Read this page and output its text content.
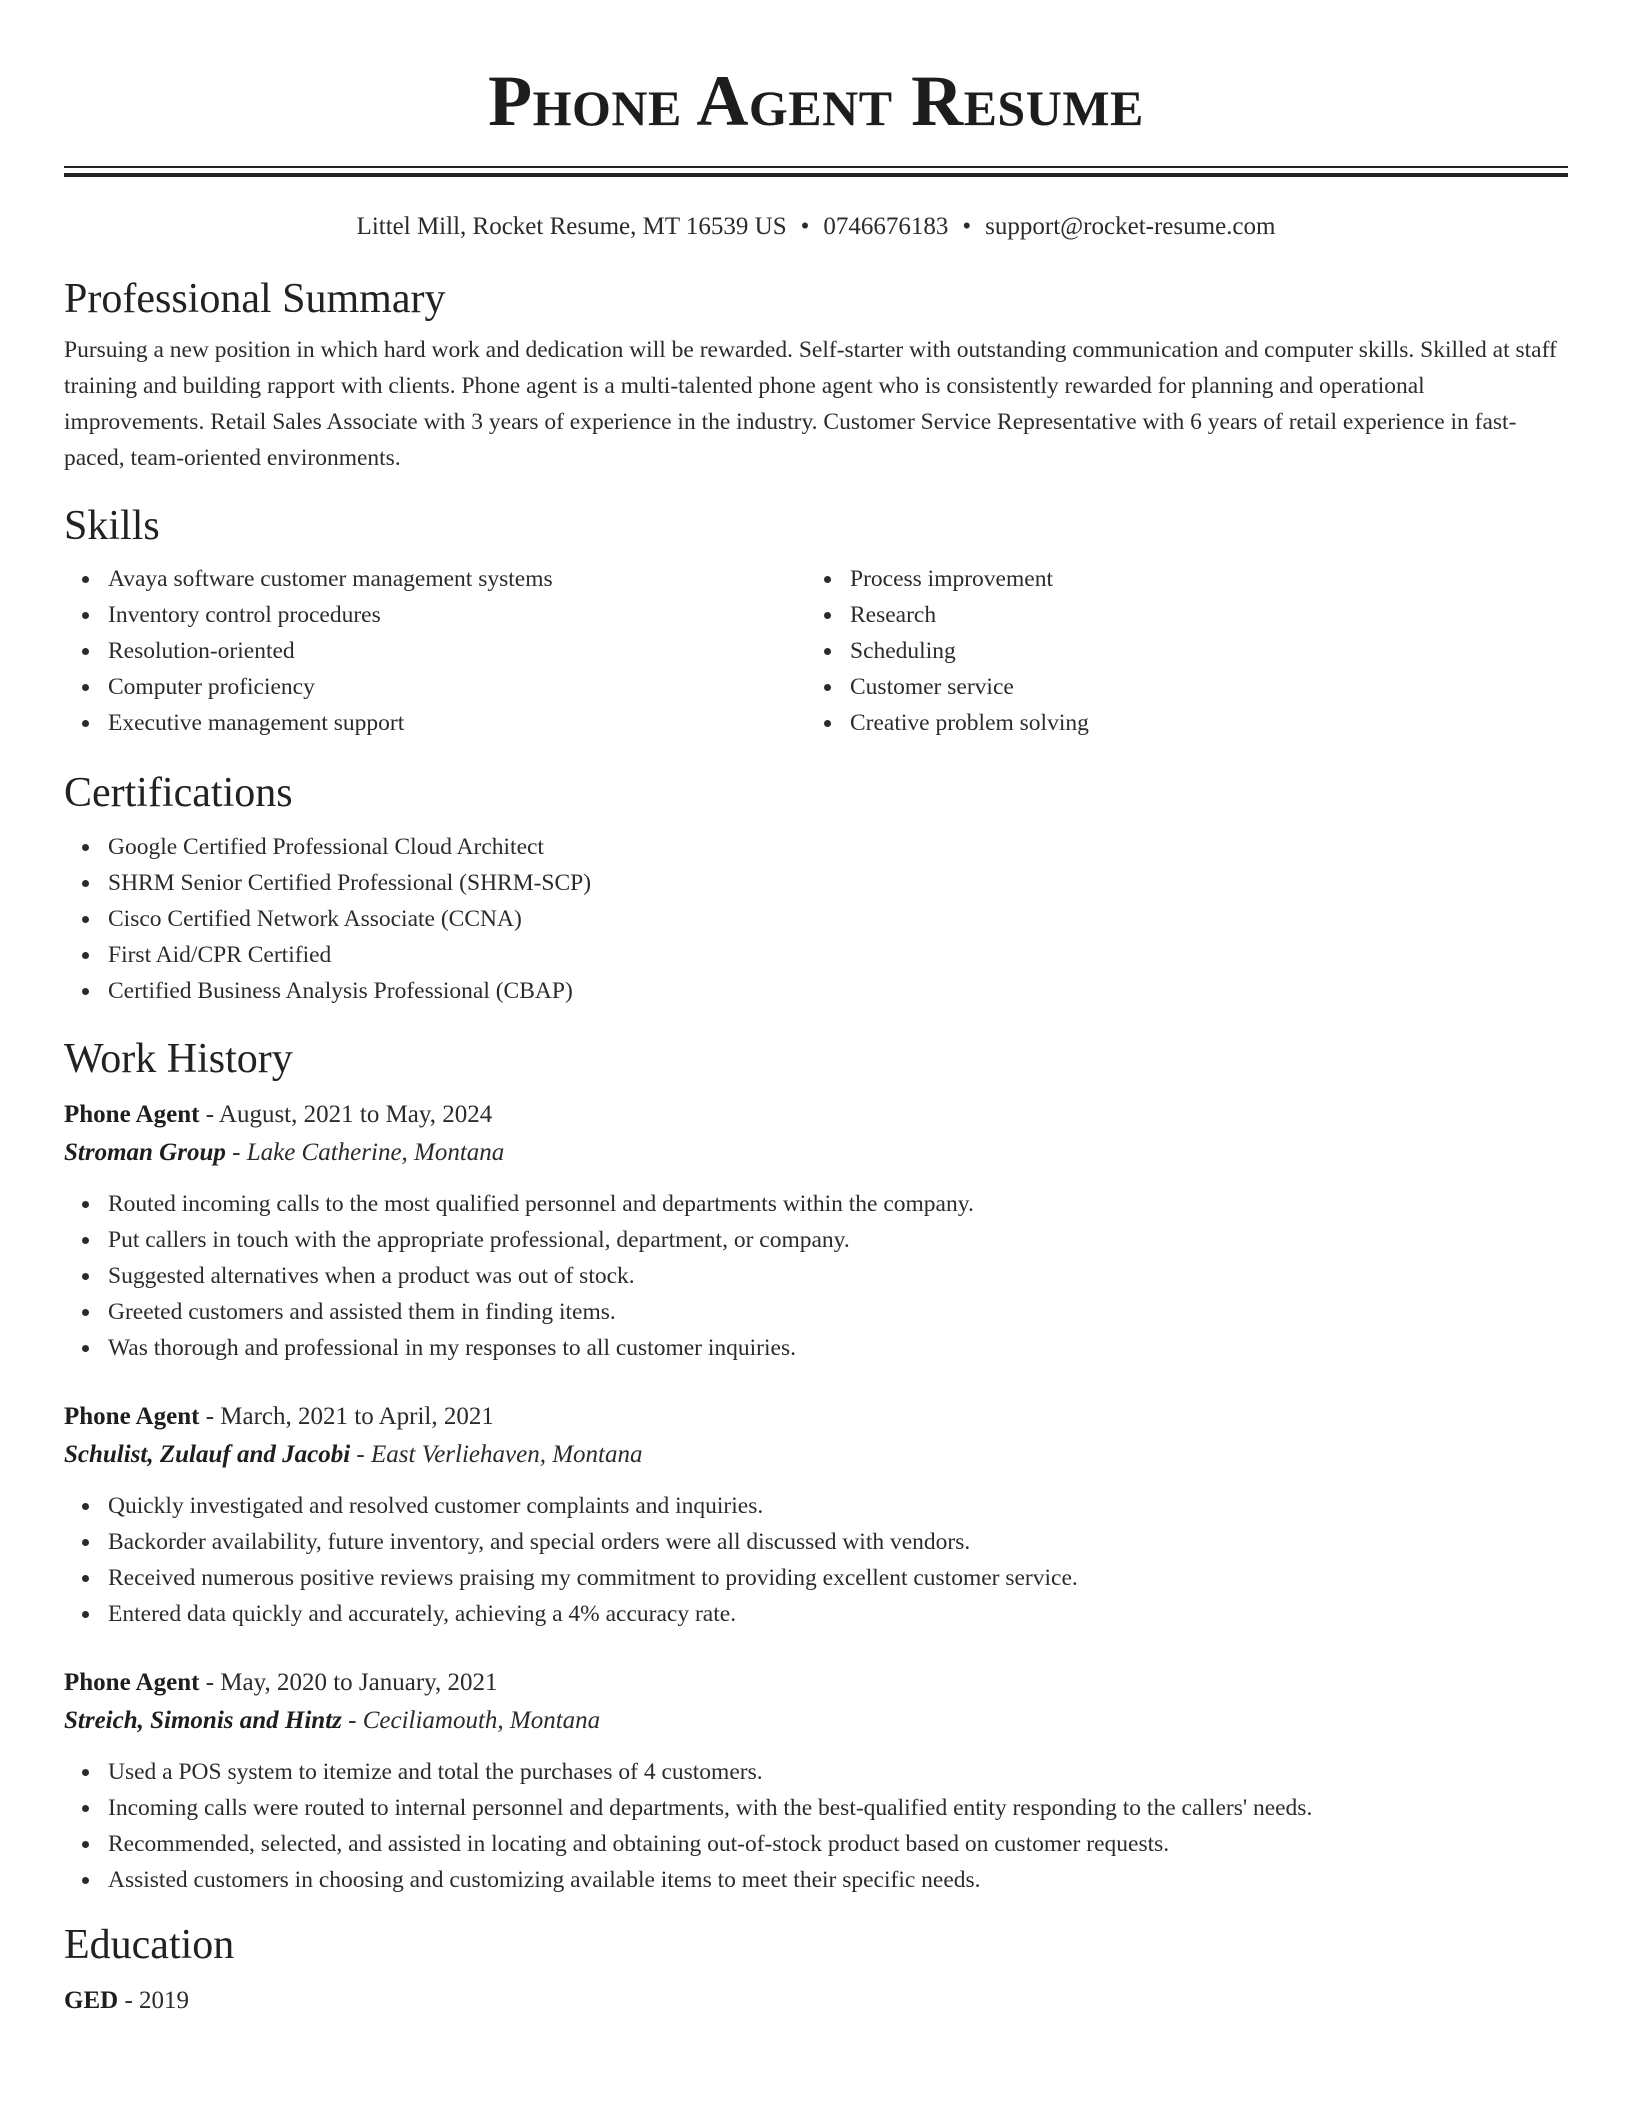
Phone Agent Resume
Littel Mill, Rocket Resume, MT 16539 US • 0746676183 • support@rocket-resume.com
Professional Summary

Pursuing a new position in which hard work and dedication will be rewarded. Self-starter with outstanding communication and computer skills. Skilled at staff training and building rapport with clients. Phone agent is a multi-talented phone agent who is consistently rewarded for planning and operational improvements. Retail Sales Associate with 3 years of experience in the industry. Customer Service Representative with 6 years of retail experience in fast-paced, team-oriented environments.

Skills
Avaya software customer management systems
Inventory control procedures
Resolution-oriented
Computer proficiency
Executive management support
Process improvement
Research
Scheduling
Customer service
Creative problem solving
Certifications
Google Certified Professional Cloud Architect
SHRM Senior Certified Professional (SHRM-SCP)
Cisco Certified Network Associate (CCNA)
First Aid/CPR Certified
Certified Business Analysis Professional (CBAP)
Work History
Phone Agent - August, 2021 to May, 2024
Stroman Group - Lake Catherine, Montana
Routed incoming calls to the most qualified personnel and departments within the company.
Put callers in touch with the appropriate professional, department, or company.
Suggested alternatives when a product was out of stock.
Greeted customers and assisted them in finding items.
Was thorough and professional in my responses to all customer inquiries.
Phone Agent - March, 2021 to April, 2021
Schulist, Zulauf and Jacobi - East Verliehaven, Montana
Quickly investigated and resolved customer complaints and inquiries.
Backorder availability, future inventory, and special orders were all discussed with vendors.
Received numerous positive reviews praising my commitment to providing excellent customer service.
Entered data quickly and accurately, achieving a 4% accuracy rate.
Phone Agent - May, 2020 to January, 2021
Streich, Simonis and Hintz - Ceciliamouth, Montana
Used a POS system to itemize and total the purchases of 4 customers.
Incoming calls were routed to internal personnel and departments, with the best-qualified entity responding to the callers' needs.
Recommended, selected, and assisted in locating and obtaining out-of-stock product based on customer requests.
Assisted customers in choosing and customizing available items to meet their specific needs.
Education
GED - 2019
